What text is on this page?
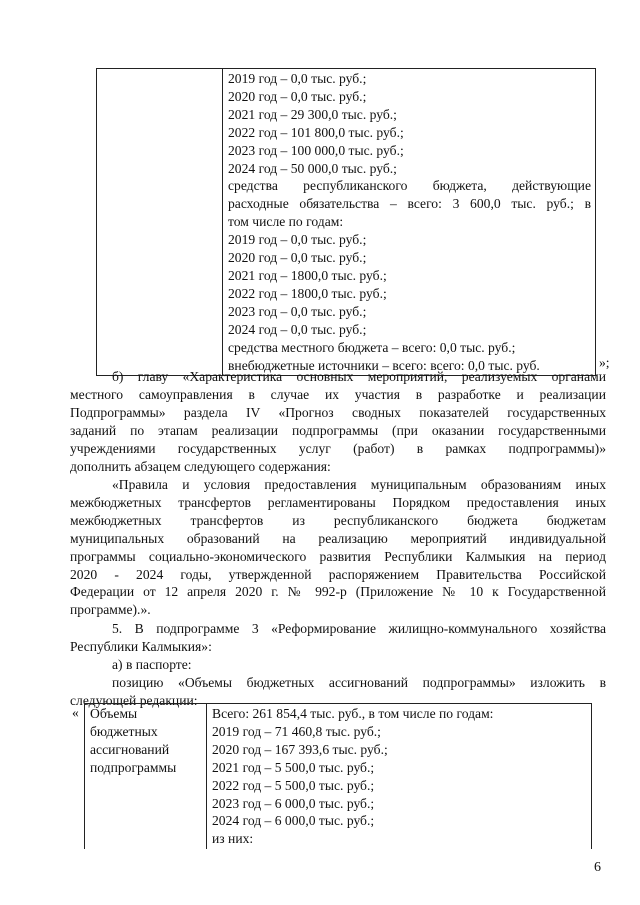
2019 год – 0,0 тыс. руб.;
2020 год – 0,0 тыс. руб.;
2021 год – 29 300,0 тыс. руб.;
2022 год – 101 800,0 тыс. руб.;
2023 год – 100 000,0 тыс. руб.;
2024 год – 50 000,0 тыс. руб.;
средства республиканского бюджета, действующие
расходные обязательства – всего: 3 600,0 тыс. руб.; в
том числе по годам:
2019 год – 0,0 тыс. руб.;
2020 год – 0,0 тыс. руб.;
2021 год – 1800,0 тыс. руб.;
2022 год – 1800,0 тыс. руб.;
2023 год – 0,0 тыс. руб.;
2024 год – 0,0 тыс. руб.;
средства местного бюджета – всего: 0,0 тыс. руб.;
внебюджетные источники – всего: всего: 0,0 тыс. руб.	»;
б) главу «Характеристика основных мероприятий, реализуемых органами
местного самоуправления в случае их участия в разработке и реализации
Подпрограммы» раздела IV «Прогноз сводных показателей государственных
заданий по этапам реализации подпрограммы (при оказании государственными
учреждениями государственных услуг (работ) в рамках подпрограммы)»
дополнить абзацем следующего содержания:
«Правила и условия предоставления муниципальным образованиям иных
межбюджетных трансфертов регламентированы Порядком предоставления иных
межбюджетных трансфертов из республиканского бюджета бюджетам
муниципальных образований на реализацию мероприятий индивидуальной
программы социально-экономического развития Республики Калмыкия на период
2020 - 2024 годы, утвержденной распоряжением Правительства Российской
Федерации от 12 апреля 2020 г. № 992-р (Приложение № 10 к Государственной
программе).».
5. В подпрограмме 3 «Реформирование жилищно-коммунального хозяйства
Республики Калмыкия»:
а) в паспорте:
позицию «Объемы бюджетных ассигнований подпрограммы» изложить в
следующей редакции:
« Объемы
бюджетных
ассигнований
подпрограммы

Всего: 261 854,4 тыс. руб., в том числе по годам:
2019 год – 71 460,8 тыс. руб.;
2020 год – 167 393,6 тыс. руб.;
2021 год – 5 500,0 тыс. руб.;
2022 год – 5 500,0 тыс. руб.;
2023 год – 6 000,0 тыс. руб.;
2024 год – 6 000,0 тыс. руб.;
из них:
6
